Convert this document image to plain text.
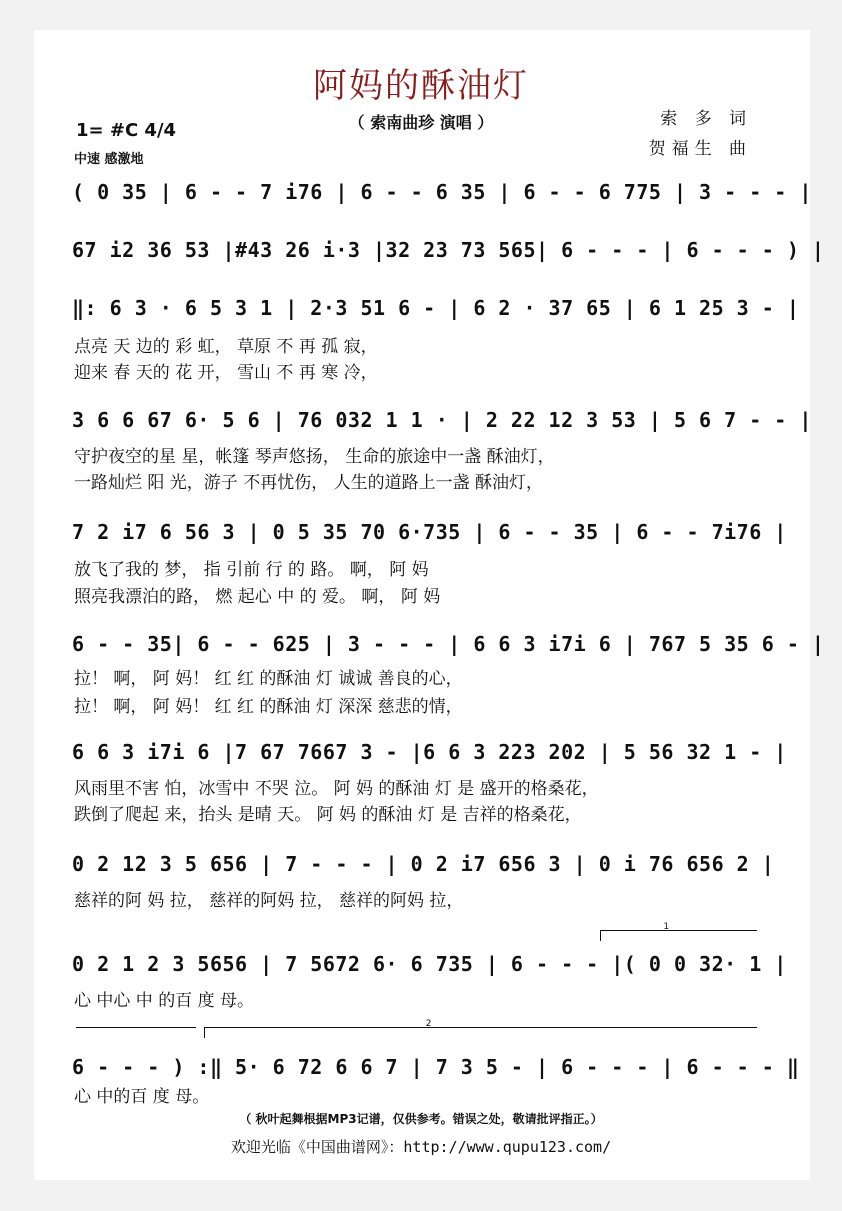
阿妈的酥油灯
（ 索南曲珍 演唱 ）
1= #C 4/4
中速 感激地
索 多 词
贺福生 曲
( 0 35 | 6 - - 7 i76 | 6 - - 6 35 | 6 - - 6 775 | 3 - - - |
67 i2 36 53 |#43 26 i·3 |32 23 73 565| 6 - - - | 6 - - - ) |
‖: 6 3 · 6 5 3 1 | 2·3 51 6 - | 6 2 · 37 65 | 6 1 25 3 - |
点亮 天 边的 彩 虹， 草原 不 再 孤 寂，
迎来 春 天的 花 开， 雪山 不 再 寒 冷，
3 6 6 67 6· 5 6 | 76 032 1 1 · | 2 22 12 3 53 | 5 6 7 - - |
守护夜空的星 星，帐篷 琴声悠扬， 生命的旅途中一盏 酥油灯，
一路灿烂 阳 光，游子 不再忧伤， 人生的道路上一盏 酥油灯，
7 2 i7 6 56 3 | 0 5 35 70 6·735 | 6 - - 35 | 6 - - 7i76 |
放飞了我的 梦， 指 引前 行 的 路。 啊， 阿 妈
照亮我漂泊的路， 燃 起心 中 的 爱。 啊， 阿 妈
6 - - 35| 6 - - 625 | 3 - - - | 6 6 3 i7i 6 | 767 5 35 6 - |
拉！ 啊， 阿 妈！ 红 红 的酥油 灯 诚诚 善良的心，
拉！ 啊， 阿 妈！ 红 红 的酥油 灯 深深 慈悲的情，
6 6 3 i7i 6 |7 67 7667 3 - |6 6 3 223 202 | 5 56 32 1 - |
风雨里不害 怕，冰雪中 不哭 泣。 阿 妈 的酥油 灯 是 盛开的格桑花，
跌倒了爬起 来，抬头 是晴 天。 阿 妈 的酥油 灯 是 吉祥的格桑花，
0 2 12 3 5 656 | 7 - - - | 0 2 i7 656 3 | 0 i 76 656 2 |
慈祥的阿 妈 拉， 慈祥的阿妈 拉， 慈祥的阿妈 拉，
1
0 2 1 2 3 5656 | 7 5672 6· 6 735 | 6 - - - |( 0 0 32· 1 |
心 中心 中 的百 度 母。
2
6 - - - ) :‖ 5· 6 72 6 6 7 | 7 3 5 - | 6 - - - | 6 - - - ‖
心 中的百 度 母。
（ 秋叶起舞根据MP3记谱，仅供参考。错误之处，敬请批评指正。）
欢迎光临《中国曲谱网》：http://www.qupu123.com/
